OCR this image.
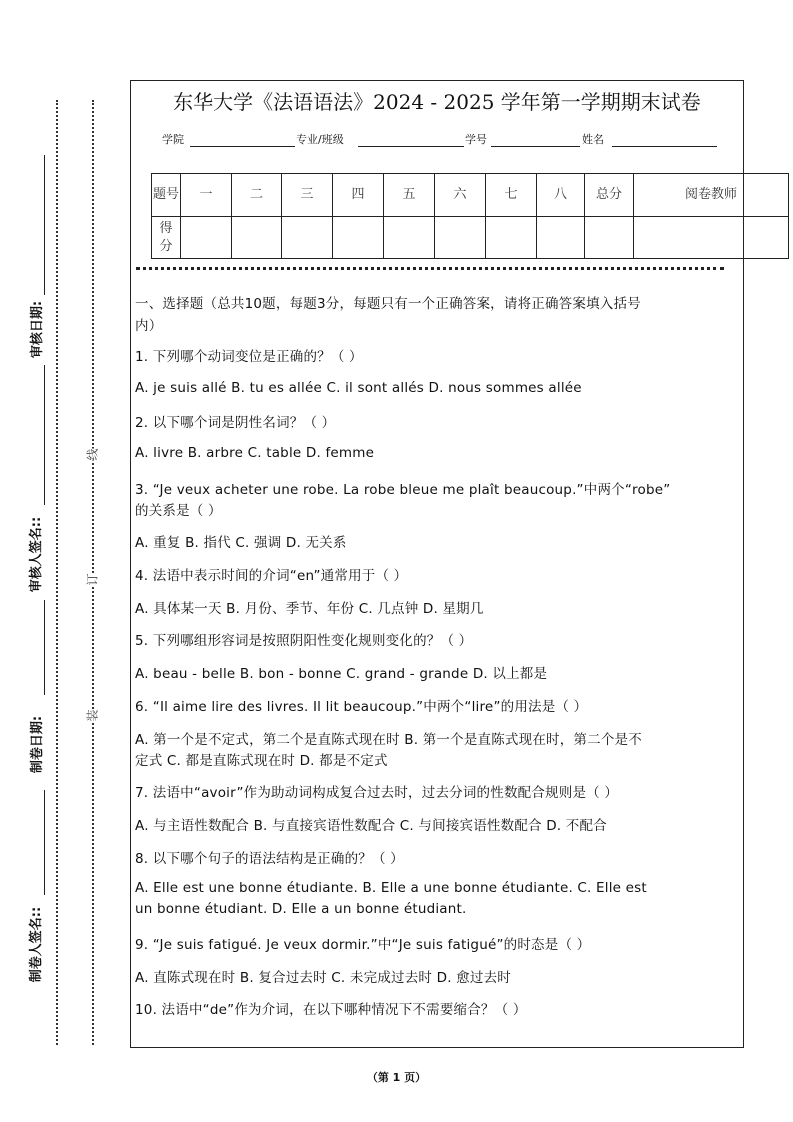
审核日期:
审核人签名::
制卷日期:
制卷人签名::
线
订
装
东华大学《法语语法》2024 - 2025 学年第一学期期末试卷
学院	专业/班级	学号	姓名
题号	一	二	三	四	五	六	七	八	总分	阅卷教师
得分										
一、选择题（总共10题，每题3分，每题只有一个正确答案，请将正确答案填入括号
内）
1. 下列哪个动词变位是正确的？（ ）
A. je suis allé B. tu es allée C. il sont allés D. nous sommes allée
2. 以下哪个词是阴性名词？（ ）
A. livre B. arbre C. table D. femme
3. “Je veux acheter une robe. La robe bleue me plaît beaucoup.”中两个“robe”
的关系是（ ）
A. 重复 B. 指代 C. 强调 D. 无关系
4. 法语中表示时间的介词“en”通常用于（ ）
A. 具体某一天 B. 月份、季节、年份 C. 几点钟 D. 星期几
5. 下列哪组形容词是按照阴阳性变化规则变化的？（ ）
A. beau - belle B. bon - bonne C. grand - grande D. 以上都是
6. “Il aime lire des livres. Il lit beaucoup.”中两个“lire”的用法是（ ）
A. 第一个是不定式，第二个是直陈式现在时 B. 第一个是直陈式现在时，第二个是不
定式 C. 都是直陈式现在时 D. 都是不定式
7. 法语中“avoir”作为助动词构成复合过去时，过去分词的性数配合规则是（ ）
A. 与主语性数配合 B. 与直接宾语性数配合 C. 与间接宾语性数配合 D. 不配合
8. 以下哪个句子的语法结构是正确的？（ ）
A. Elle est une bonne étudiante. B. Elle a une bonne étudiante. C. Elle est
un bonne étudiant. D. Elle a un bonne étudiant.
9. “Je suis fatigué. Je veux dormir.”中“Je suis fatigué”的时态是（ ）
A. 直陈式现在时 B. 复合过去时 C. 未完成过去时 D. 愈过去时
10. 法语中“de”作为介词，在以下哪种情况下不需要缩合？（ ）
（第 1 页）
